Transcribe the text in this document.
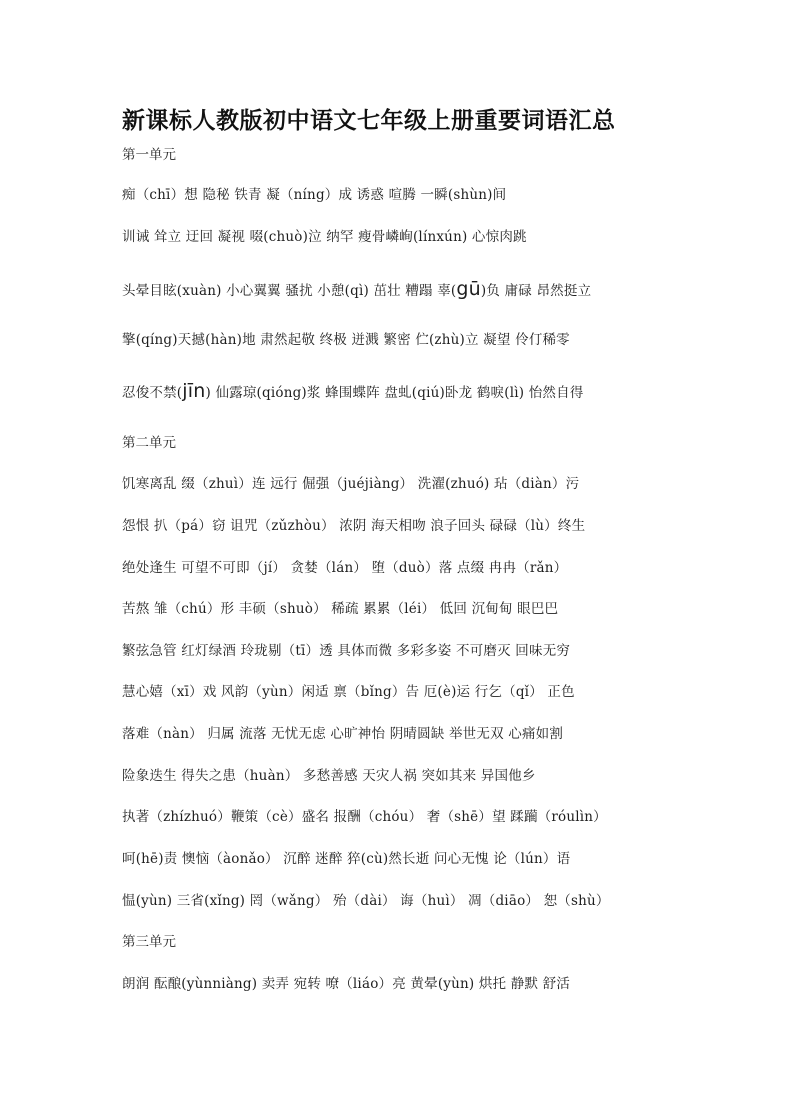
新课标人教版初中语文七年级上册重要词语汇总
第一单元
痴（chī）想 隐秘 铁青 凝（níng）成 诱惑 喧腾 一瞬(shùn)间
训诫 耸立 迂回 凝视 啜(chuò)泣 纳罕 瘦骨嶙峋(línxún) 心惊肉跳
头晕目眩(xuàn) 小心翼翼 骚扰 小憩(qì) 茁壮 糟蹋 辜(gū)负 庸碌 昂然挺立
擎(qíng)天撼(hàn)地 肃然起敬 终极 迸溅 繁密 伫(zhù)立 凝望 伶仃稀零
忍俊不禁(jīn) 仙露琼(qióng)浆 蜂围蝶阵 盘虬(qiú)卧龙 鹤唳(lì) 怡然自得
第二单元
饥寒离乱 缀（zhuì）连 远行 倔强（juéjiàng） 洗濯(zhuó) 玷（diàn）污
怨恨 扒（pá）窃 诅咒（zǔzhòu） 浓阴 海天相吻 浪子回头 碌碌（lù）终生
绝处逢生 可望不可即（jí） 贪婪（lán） 堕（duò）落 点缀 冉冉（rǎn）
苦熬 雏（chú）形 丰硕（shuò） 稀疏 累累（léi） 低回 沉甸甸 眼巴巴
繁弦急管 红灯绿酒 玲珑剔（tī）透 具体而微 多彩多姿 不可磨灭 回味无穷
慧心嬉（xī）戏 风韵（yùn）闲适 禀（bǐng）告 厄(è)运 行乞（qǐ） 正色
落难（nàn） 归属 流落 无忧无虑 心旷神怡 阴晴圆缺 举世无双 心痛如割
险象迭生 得失之患（huàn） 多愁善感 天灾人祸 突如其来 异国他乡
执著（zhízhuó）鞭策（cè）盛名 报酬（chóu） 奢（shē）望 蹂躏（róulìn）
呵(hē)责 懊恼（àonǎo） 沉醉 迷醉 猝(cù)然长逝 问心无愧 论（lún）语
愠(yùn) 三省(xǐng) 罔（wǎng） 殆（dài） 诲（huì） 凋（diāo） 恕（shù）
第三单元
朗润 酝酿(yùnniàng) 卖弄 宛转 嘹（liáo）亮 黄晕(yùn) 烘托 静默 舒活
